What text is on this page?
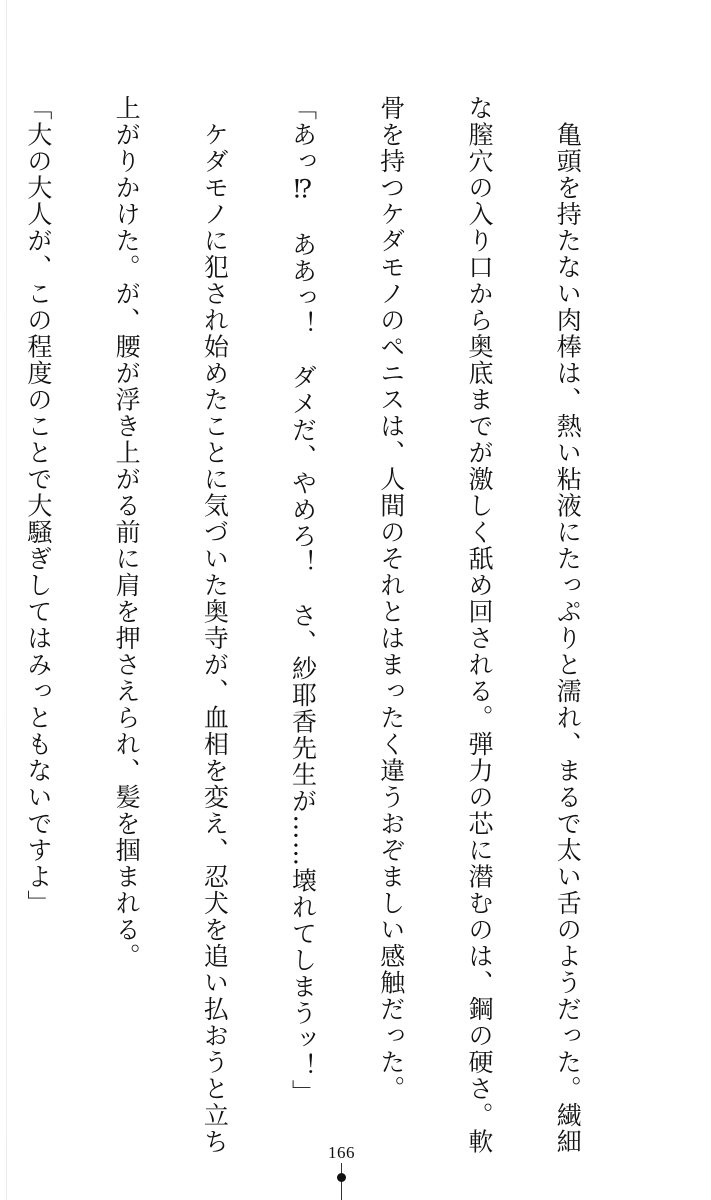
　亀頭を持たない肉棒は、熱い粘液にたっぷりと濡れ、まるで太い舌のようだった。繊細

な膣穴の入り口から奥底までが激しく舐め回される。弾力の芯に潜むのは、鋼の硬さ。軟

骨を持つケダモノのペニスは、人間のそれとはまったく違うおぞましい感触だった。

「あっ⁉　ああっ！　ダメだ、やめろ！　さ、紗耶香先生が……壊れてしまうッ！」

　ケダモノに犯され始めたことに気づいた奥寺が、血相を変え、忍犬を追い払おうと立ち

上がりかけた。が、腰が浮き上がる前に肩を押さえられ、髪を掴まれる。

「大の大人が、この程度のことで大騒ぎしてはみっともないですよ」

166
